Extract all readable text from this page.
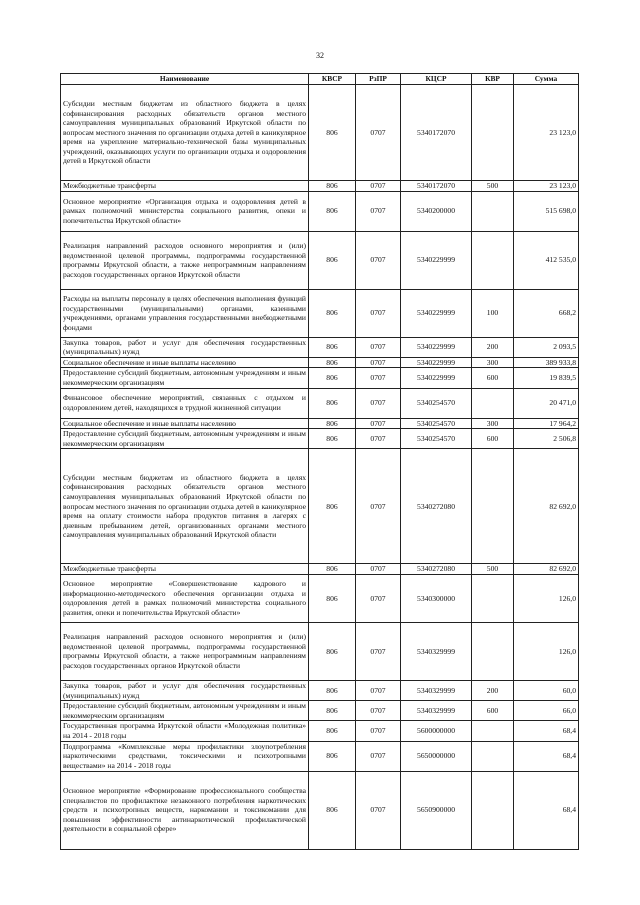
32
Наименование	КВСР	РзПР	КЦСР	КВР	Сумма
Субсидии местным бюджетам из областного бюджета в целях софинансирования расходных обязательств органов местного самоуправления муниципальных образований Иркутской области по вопросам местного значения по организации отдыха детей в каникулярное время на укрепление материально-технической базы муниципальных учреждений, оказывающих услуги по организации отдыха и оздоровления детей в Иркутской области	806	0707	5340172070		23 123,0
Межбюджетные трансферты	806	0707	5340172070	500	23 123,0
Основное мероприятие «Организация отдыха и оздоровления детей в рамках полномочий министерства социального развития, опеки и попечительства Иркутской области»	806	0707	5340200000		515 698,0
Реализация направлений расходов основного мероприятия и (или) ведомственной целевой программы, подпрограммы государственной программы Иркутской области, а также непрограммным направлениям расходов государственных органов Иркутской области	806	0707	5340229999		412 535,0
Расходы на выплаты персоналу в целях обеспечения выполнения функций государственными (муниципальными) органами, казенными учреждениями, органами управления государственными внебюджетными фондами	806	0707	5340229999	100	668,2
Закупка товаров, работ и услуг для обеспечения государственных (муниципальных) нужд	806	0707	5340229999	200	2 093,5
Социальное обеспечение и иные выплаты населению	806	0707	5340229999	300	389 933,8
Предоставление субсидий бюджетным, автономным учреждениям и иным некоммерческим организациям	806	0707	5340229999	600	19 839,5
Финансовое обеспечение мероприятий, связанных с отдыхом и оздоровлением детей, находящихся в трудной жизненной ситуации	806	0707	5340254570		20 471,0
Социальное обеспечение и иные выплаты населению	806	0707	5340254570	300	17 964,2
Предоставление субсидий бюджетным, автономным учреждениям и иным некоммерческим организациям	806	0707	5340254570	600	2 506,8
Субсидии местным бюджетам из областного бюджета в целях софинансирования расходных обязательств органов местного самоуправления муниципальных образований Иркутской области по вопросам местного значения по организации отдыха детей в каникулярное время на оплату стоимости набора продуктов питания в лагерях с дневным пребыванием детей, организованных органами местного самоуправления муниципальных образований Иркутской области	806	0707	5340272080		82 692,0
Межбюджетные трансферты	806	0707	5340272080	500	82 692,0
Основное мероприятие «Совершенствование кадрового и информационно-методического обеспечения организации отдыха и оздоровления детей в рамках полномочий министерства социального развития, опеки и попечительства Иркутской области»	806	0707	5340300000		126,0
Реализация направлений расходов основного мероприятия и (или) ведомственной целевой программы, подпрограммы государственной программы Иркутской области, а также непрограммным направлениям расходов государственных органов Иркутской области	806	0707	5340329999		126,0
Закупка товаров, работ и услуг для обеспечения государственных (муниципальных) нужд	806	0707	5340329999	200	60,0
Предоставление субсидий бюджетным, автономным учреждениям и иным некоммерческим организациям	806	0707	5340329999	600	66,0
Государственная программа Иркутской области «Молодежная политика» на 2014 - 2018 годы	806	0707	5600000000		68,4
Подпрограмма «Комплексные меры профилактики злоупотребления наркотическими средствами, токсическими и психотропными веществами» на 2014 - 2018 годы	806	0707	5650000000		68,4
Основное мероприятие «Формирование профессионального сообщества специалистов по профилактике незаконного потребления наркотических средств и психотропных веществ, наркомании и токсикомании для повышения эффективности антинаркотической профилактической деятельности в социальной сфере»	806	0707	5650900000		68,4
